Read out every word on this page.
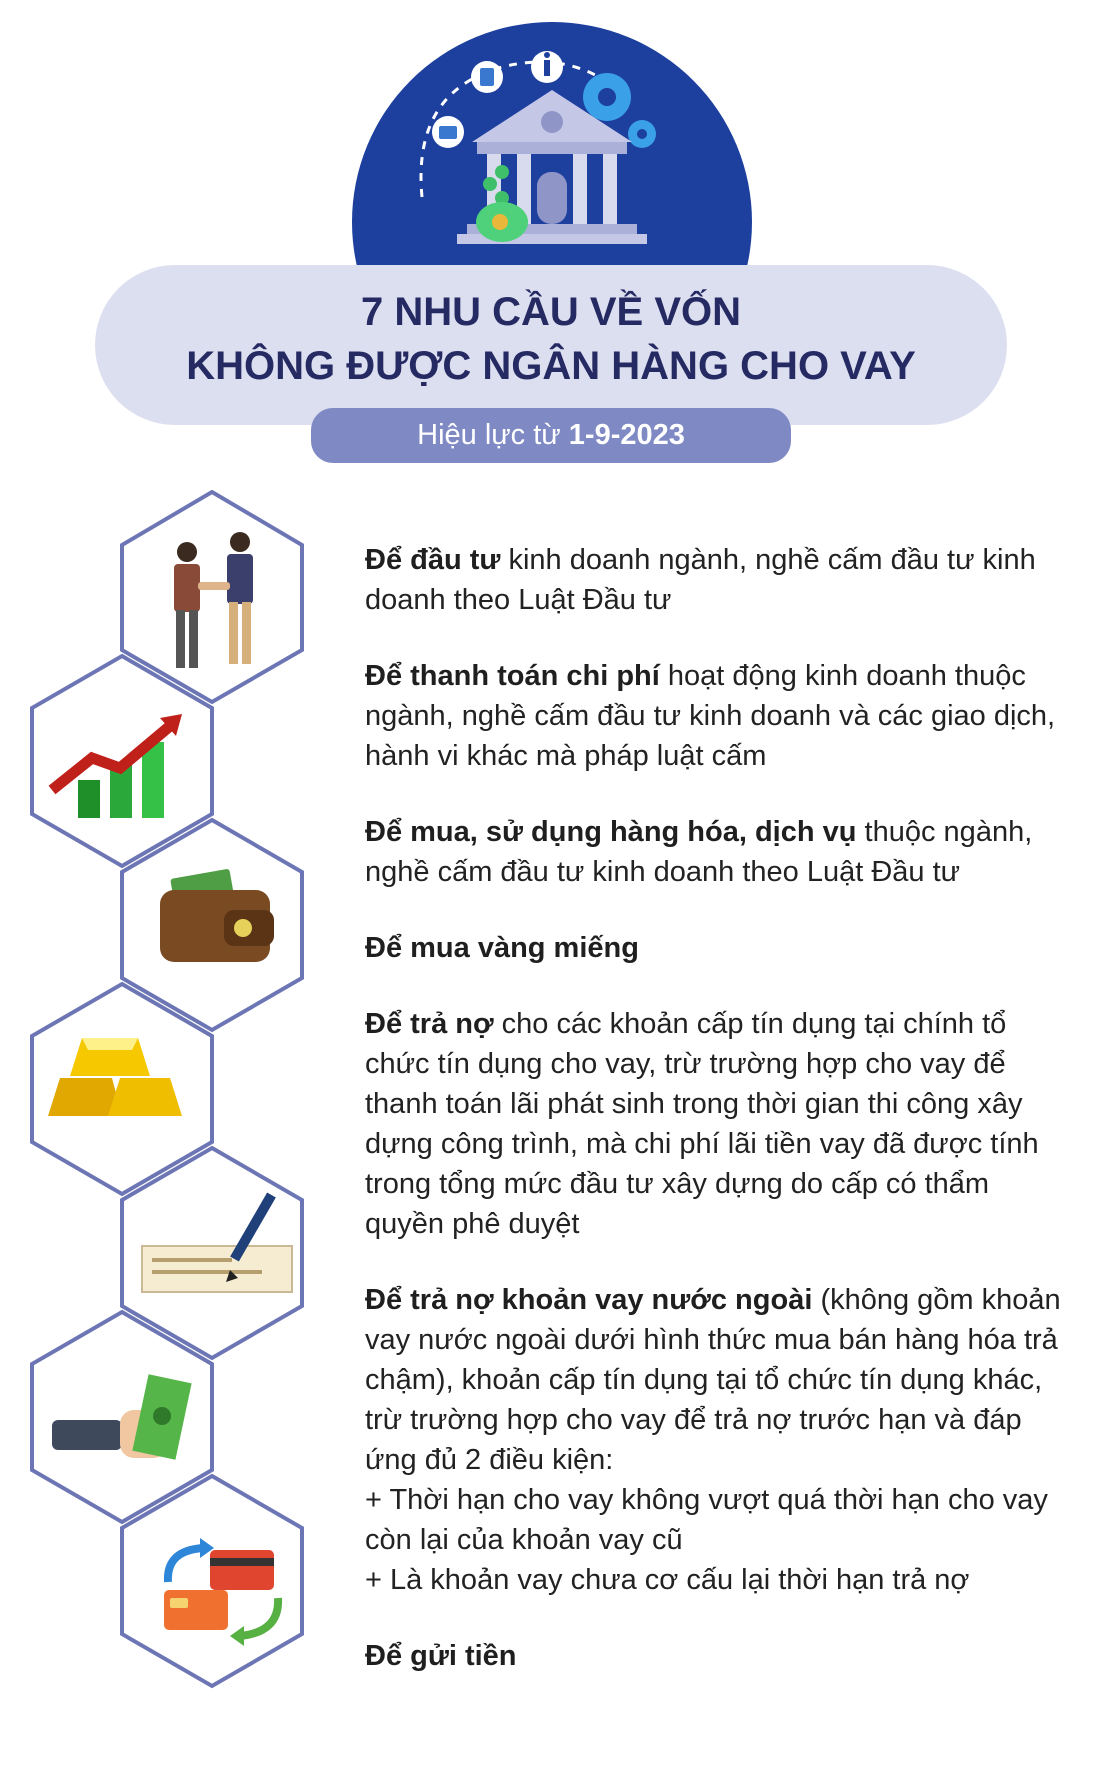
7 NHU CẦU VỀ VỐN
KHÔNG ĐƯỢC NGÂN HÀNG CHO VAY
Hiệu lực từ 1-9-2023
Để đầu tư kinh doanh ngành, nghề cấm đầu tư kinh doanh theo Luật Đầu tư
Để thanh toán chi phí hoạt động kinh doanh thuộc ngành, nghề cấm đầu tư kinh doanh và các giao dịch, hành vi khác mà pháp luật cấm
Để mua, sử dụng hàng hóa, dịch vụ thuộc ngành, nghề cấm đầu tư kinh doanh theo Luật Đầu tư
Để mua vàng miếng
Để trả nợ cho các khoản cấp tín dụng tại chính tổ chức tín dụng cho vay, trừ trường hợp cho vay để thanh toán lãi phát sinh trong thời gian thi công xây dựng công trình, mà chi phí lãi tiền vay đã được tính trong tổng mức đầu tư xây dựng do cấp có thẩm quyền phê duyệt
Để trả nợ khoản vay nước ngoài (không gồm khoản vay nước ngoài dưới hình thức mua bán hàng hóa trả chậm), khoản cấp tín dụng tại tổ chức tín dụng khác, trừ trường hợp cho vay để trả nợ trước hạn và đáp ứng đủ 2 điều kiện:
+ Thời hạn cho vay không vượt quá thời hạn cho vay còn lại của khoản vay cũ
+ Là khoản vay chưa cơ cấu lại thời hạn trả nợ
Để gửi tiền
